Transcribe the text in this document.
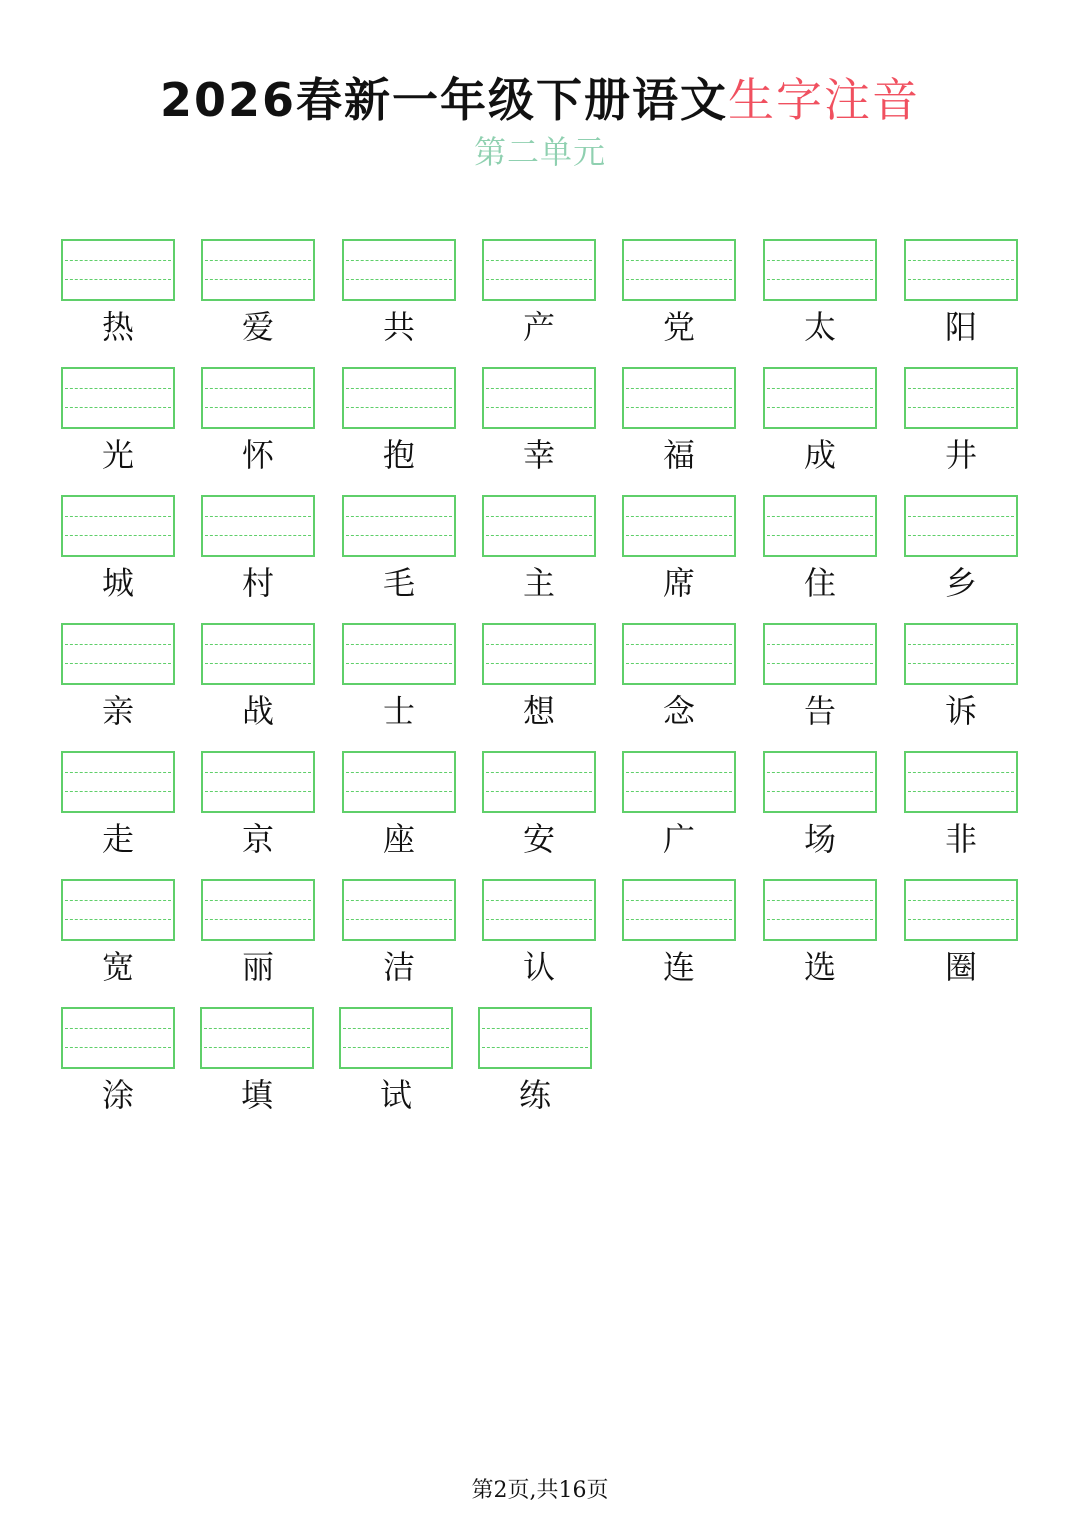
2026春新一年级下册语文生字注音
第二单元
热	爱	共	产	党	太	阳
光	怀	抱	幸	福	成	井
城	村	毛	主	席	住	乡
亲	战	士	想	念	告	诉
走	京	座	安	广	场	非
宽	丽	洁	认	连	选	圈
涂	填	试	练
第2页,共16页
